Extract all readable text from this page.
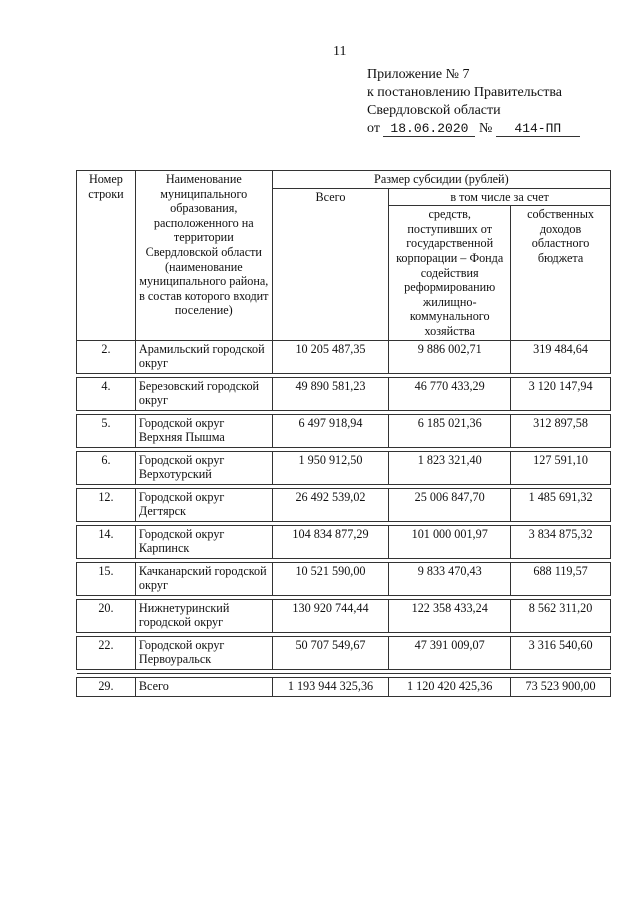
11
Приложение № 7
к постановлению Правительства
Свердловской области
от 18.06.2020 № 414-ПП
Номер строки	Наименование муниципального образования, расположенного на территории Свердловской области (наименование муниципального района, в состав которого входит поселение)	Размер субсидии (рублей)		
		Всего	в том числе за счет	
			средств, поступивших от государственной корпорации – Фонда содействия реформированию жилищно-коммунального хозяйства	собственных доходов областного бюджета
2.	Арамильский городской округ	10 205 487,35	9 886 002,71	319 484,64

4.	Березовский городской округ	49 890 581,23	46 770 433,29	3 120 147,94

5.	Городской округ Верхняя Пышма	6 497 918,94	6 185 021,36	312 897,58

6.	Городской округ Верхотурский	1 950 912,50	1 823 321,40	127 591,10

12.	Городской округ Дегтярск	26 492 539,02	25 006 847,70	1 485 691,32

14.	Городской округ Карпинск	104 834 877,29	101 000 001,97	3 834 875,32

15.	Качканарский городской округ	10 521 590,00	9 833 470,43	688 119,57

20.	Нижнетуринский городской округ	130 920 744,44	122 358 433,24	8 562 311,20

22.	Городской округ Первоуральск	50 707 549,67	47 391 009,07	3 316 540,60

29.	Всего	1 193 944 325,36	1 120 420 425,36	73 523 900,00
